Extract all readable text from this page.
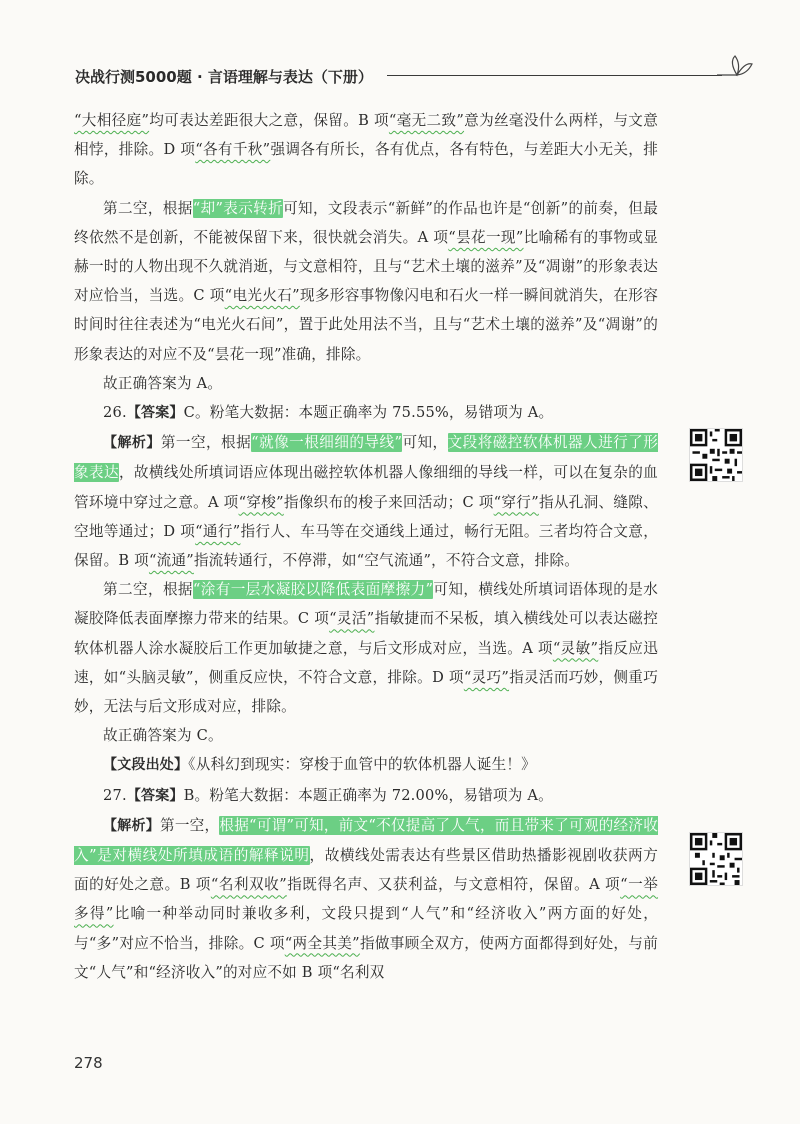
决战行测5000题 · 言语理解与表达（下册）

“大相径庭”均可表达差距很大之意，保留。B 项“毫无二致”意为丝毫没什么两样，与文意相悖，排除。D 项“各有千秋”强调各有所长，各有优点，各有特色，与差距大小无关，排除。

第二空，根据“却”表示转折可知，文段表示“新鲜”的作品也许是“创新”的前奏，但最终依然不是创新，不能被保留下来，很快就会消失。A 项“昙花一现”比喻稀有的事物或显赫一时的人物出现不久就消逝，与文意相符，且与“艺术土壤的滋养”及“凋谢”的形象表达对应恰当，当选。C 项“电光火石”现多形容事物像闪电和石火一样一瞬间就消失，在形容时间时往往表述为“电光火石间”，置于此处用法不当，且与“艺术土壤的滋养”及“凋谢”的形象表达的对应不及“昙花一现”准确，排除。

故正确答案为 A。

26.【答案】C。粉笔大数据：本题正确率为 75.55%，易错项为 A。

【解析】第一空，根据“就像一根细细的导线”可知，文段将磁控软体机器人进行了形象表达，故横线处所填词语应体现出磁控软体机器人像细细的导线一样，可以在复杂的血管环境中穿过之意。A 项“穿梭”指像织布的梭子来回活动；C 项“穿行”指从孔洞、缝隙、空地等通过；D 项“通行”指行人、车马等在交通线上通过，畅行无阻。三者均符合文意，保留。B 项“流通”指流转通行，不停滞，如“空气流通”，不符合文意，排除。

第二空，根据“涂有一层水凝胶以降低表面摩擦力”可知，横线处所填词语体现的是水凝胶降低表面摩擦力带来的结果。C 项“灵活”指敏捷而不呆板，填入横线处可以表达磁控软体机器人涂水凝胶后工作更加敏捷之意，与后文形成对应，当选。A 项“灵敏”指反应迅速，如“头脑灵敏”，侧重反应快，不符合文意，排除。D 项“灵巧”指灵活而巧妙，侧重巧妙，无法与后文形成对应，排除。

故正确答案为 C。

【文段出处】《从科幻到现实：穿梭于血管中的软体机器人诞生！》

27.【答案】B。粉笔大数据：本题正确率为 72.00%，易错项为 A。

【解析】第一空，根据“可谓”可知，前文“不仅提高了人气，而且带来了可观的经济收入”是对横线处所填成语的解释说明，故横线处需表达有些景区借助热播影视剧收获两方面的好处之意。B 项“名利双收”指既得名声、又获利益，与文意相符，保留。A 项“一举多得”比喻一种举动同时兼收多利，文段只提到“人气”和“经济收入”两方面的好处，与“多”对应不恰当，排除。C 项“两全其美”指做事顾全双方，使两方面都得到好处，与前文“人气”和“经济收入”的对应不如 B 项“名利双

278
